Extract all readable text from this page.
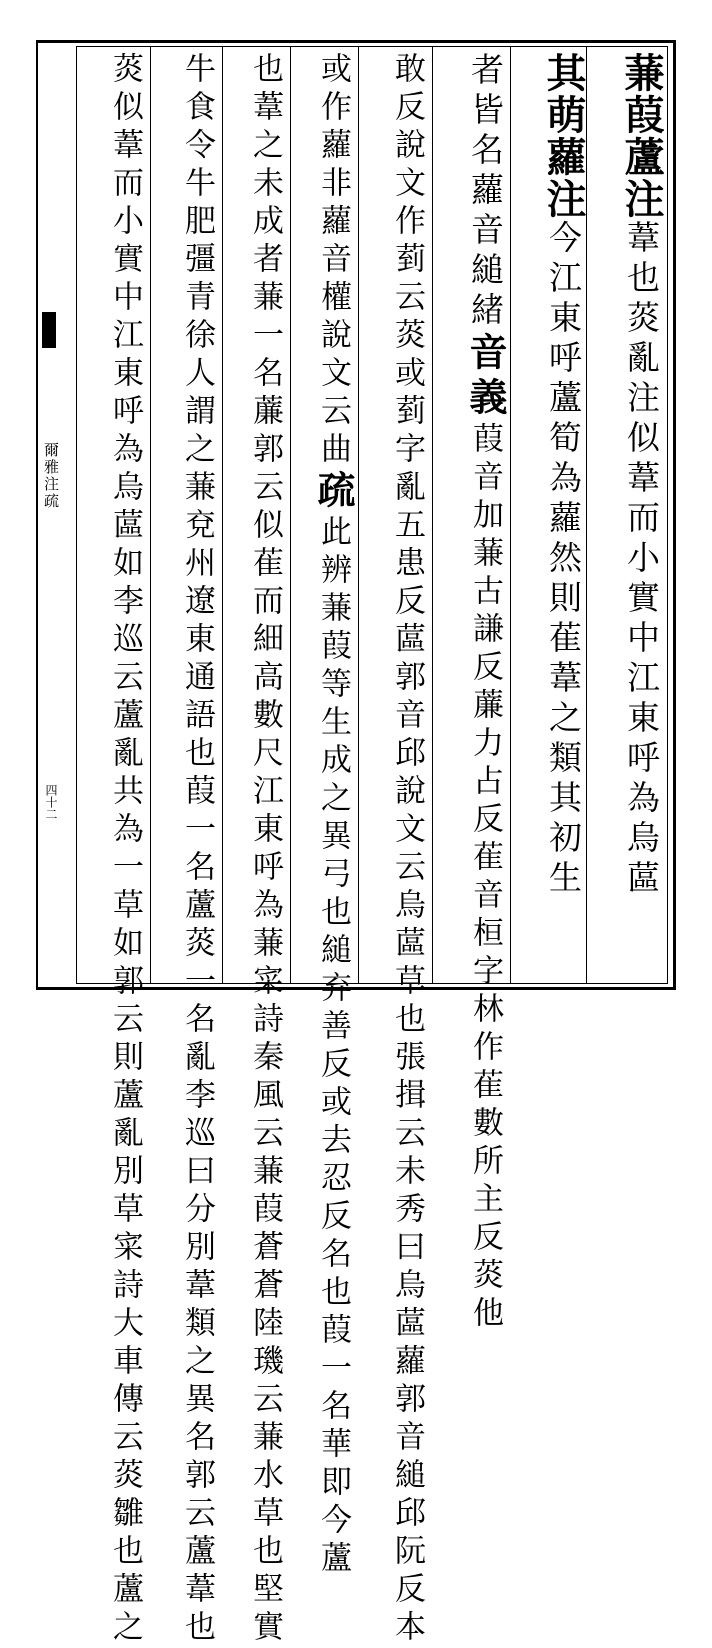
爾雅注疏
四十二
蒹葭蘆注葦也菼亂注似葦而小實中江東呼為烏蓲
其萌蘿注今江東呼蘆筍為蘿然則萑葦之類其初生
者皆名蘿音縋緒音義葭音加蒹古謙反薕力占反萑音桓字林作萑數所主反菼他
敢反說文作菿云菼或菿字亂五患反蓲郭音邱說文云烏蓲草也張揖云未秀曰烏蓲蘿郭音縋邱阮反本
或作蘿非蘿音權說文云曲疏此辨蒹葭等生成之異弓也縋弃善反或去忍反名也葭一名華即今蘆
也葦之未成者蒹一名薕郭云似萑而細高數尺江東呼為蒹寀詩秦風云蒹葭蒼蒼陸璣云蒹水草也堅實
牛食令牛肥彊青徐人謂之蒹兗州遼東通語也葭一名蘆菼一名亂李巡曰分別葦類之異名郭云蘆葦也
菼似葦而小實中江東呼為烏蓲如李巡云蘆亂共為一草如郭云則蘆亂別草寀詩大車傳云菼雛也蘆之
